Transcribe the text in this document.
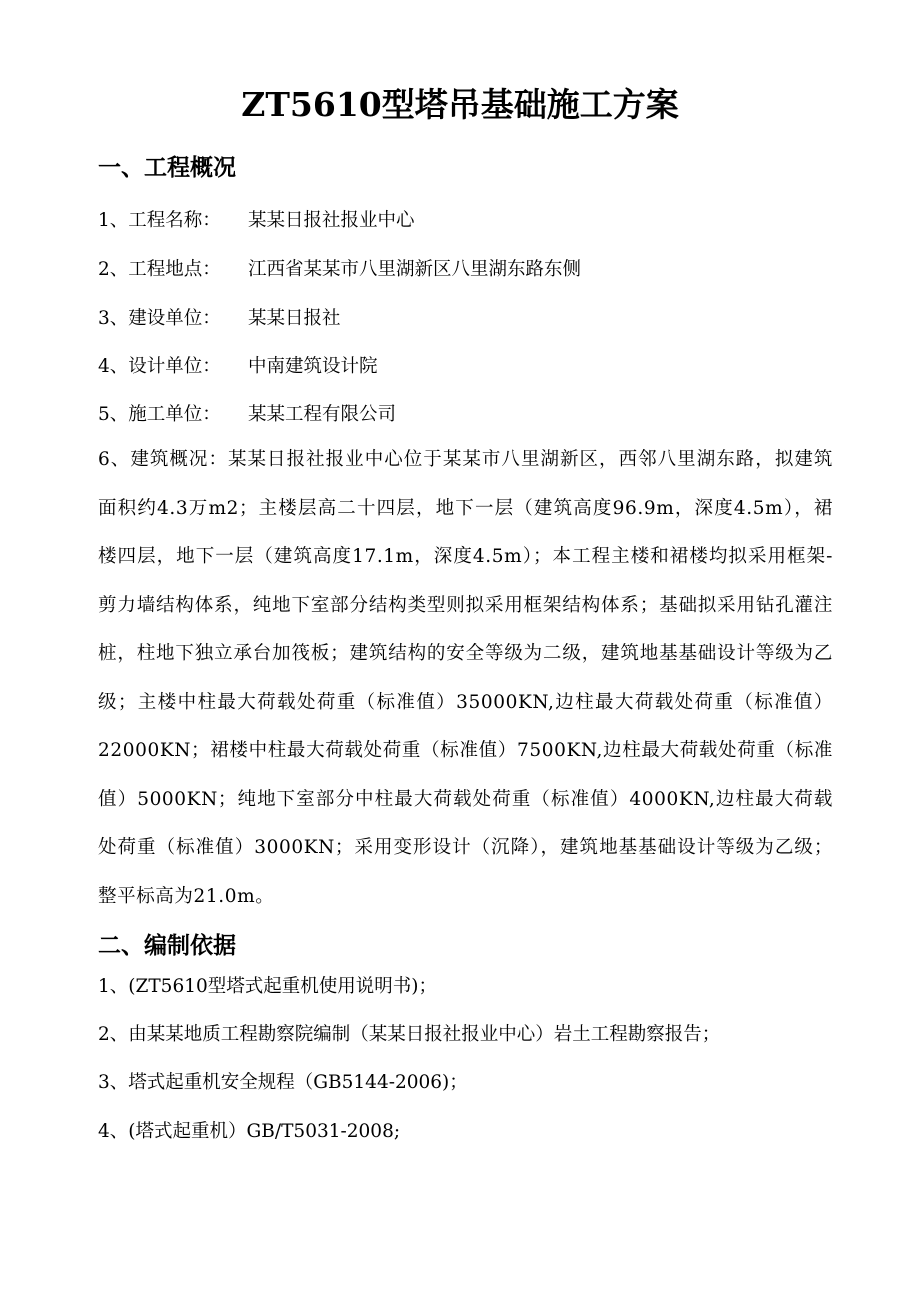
ZT5610型塔吊基础施工方案
一、工程概况

1、工程名称： 某某日报社报业中心

2、工程地点： 江西省某某市八里湖新区八里湖东路东侧

3、建设单位： 某某日报社

4、设计单位： 中南建筑设计院

5、施工单位： 某某工程有限公司

6、建筑概况：某某日报社报业中心位于某某市八里湖新区，西邻八里湖东路，拟建筑面积约4.3万m2；主楼层高二十四层，地下一层（建筑高度96.9m，深度4.5m），裙楼四层，地下一层（建筑高度17.1m，深度4.5m）；本工程主楼和裙楼均拟采用框架-剪力墙结构体系，纯地下室部分结构类型则拟采用框架结构体系；基础拟采用钻孔灌注桩，柱地下独立承台加筏板；建筑结构的安全等级为二级，建筑地基基础设计等级为乙级；主楼中柱最大荷载处荷重（标准值）35000KN,边柱最大荷载处荷重（标准值）22000KN；裙楼中柱最大荷载处荷重（标准值）7500KN,边柱最大荷载处荷重（标准值）5000KN；纯地下室部分中柱最大荷载处荷重（标准值）4000KN,边柱最大荷载处荷重（标准值）3000KN；采用变形设计（沉降），建筑地基基础设计等级为乙级；整平标高为21.0m。

二、编制依据

1、(ZT5610型塔式起重机使用说明书)；

2、由某某地质工程勘察院编制（某某日报社报业中心）岩土工程勘察报告；

3、塔式起重机安全规程（GB5144-2006)；

4、(塔式起重机）GB/T5031-2008;
